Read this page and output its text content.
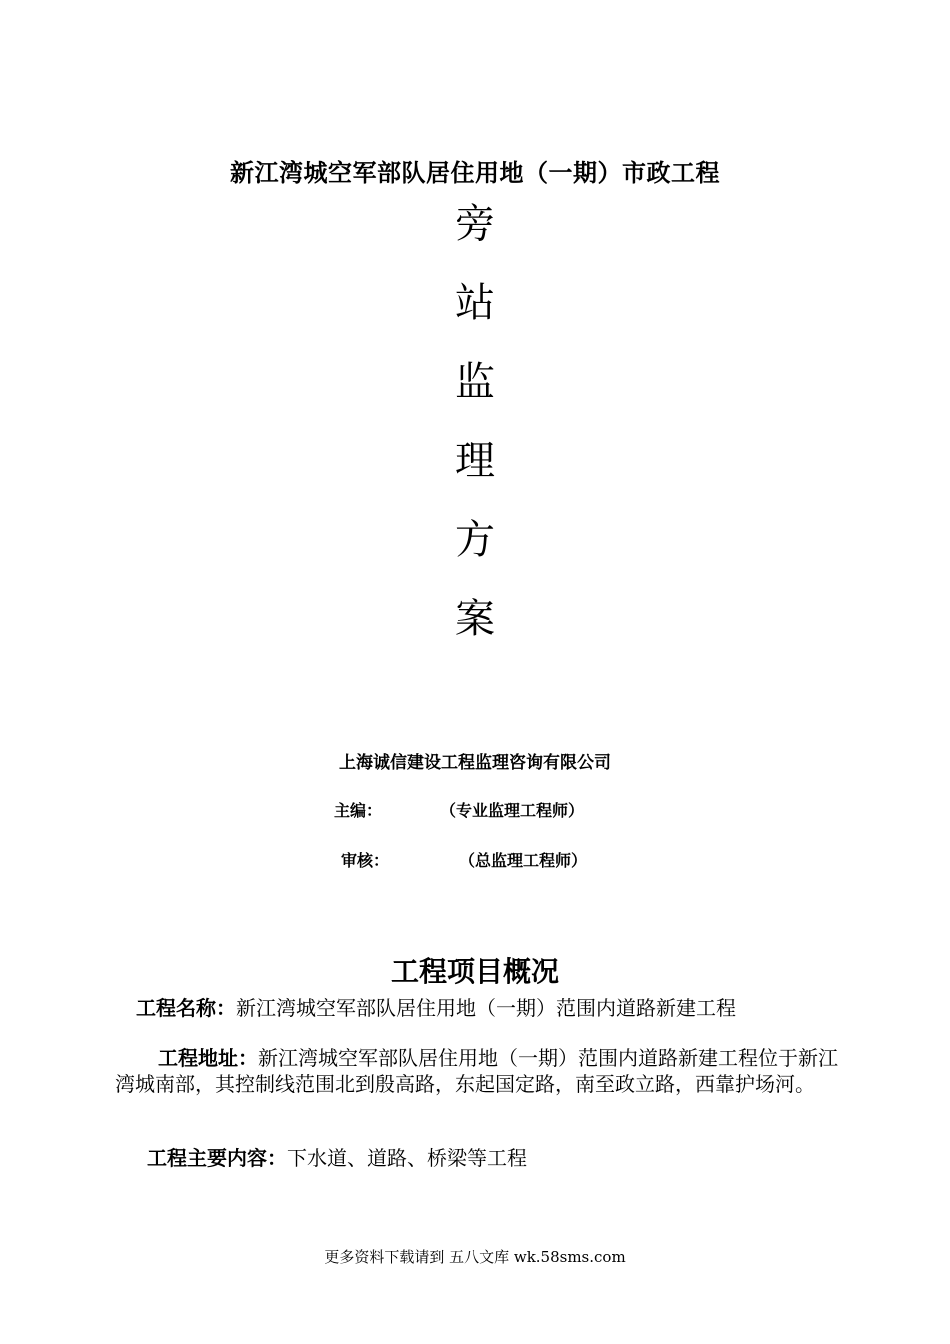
新江湾城空军部队居住用地（一期）市政工程
旁
站
监
理
方
案
上海诚信建设工程监理咨询有限公司
主编：	（专业监理工程师）
审核：	（总监理工程师）
工程项目概况
工程名称：新江湾城空军部队居住用地（一期）范围内道路新建工程
工程地址：新江湾城空军部队居住用地（一期）范围内道路新建工程位于新江湾城南部，其控制线范围北到殷高路，东起国定路，南至政立路，西靠护场河。
工程主要内容：下水道、道路、桥梁等工程
更多资料下载请到 五八文库 wk.58sms.com
